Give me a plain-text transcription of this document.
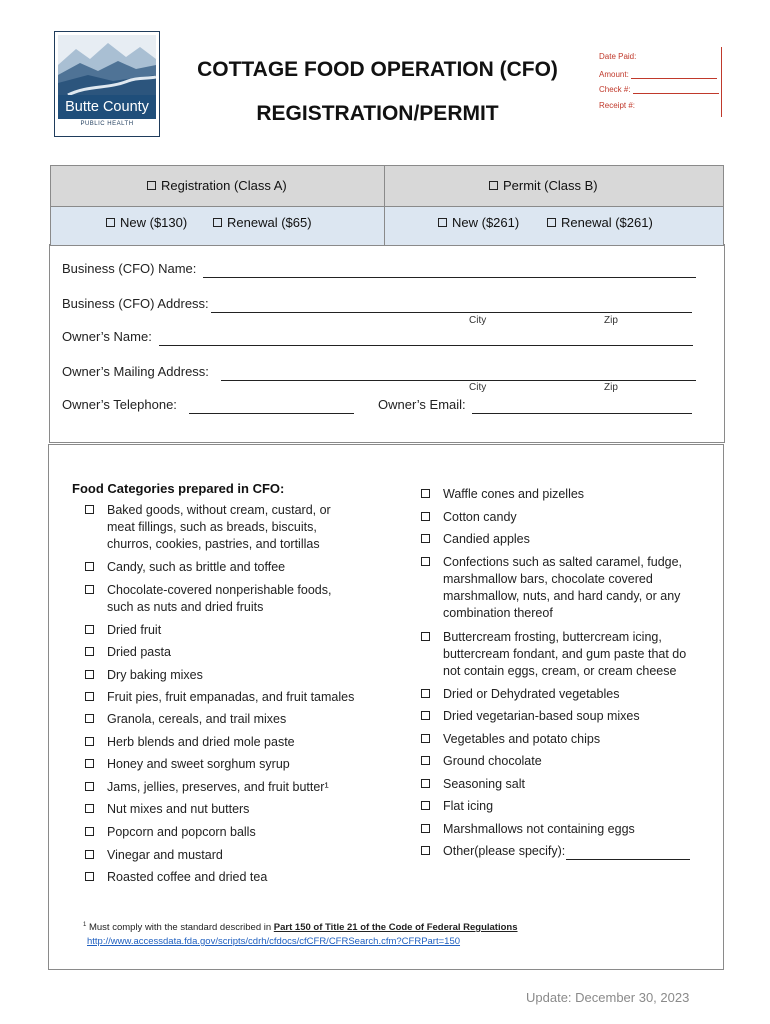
Butte County
PUBLIC HEALTH
COTTAGE FOOD OPERATION (CFO)
REGISTRATION/PERMIT
Date Paid:
Amount:
Check #:
Receipt #:
Registration (Class A)	Permit (Class B)
New ($130)	Renewal ($65)	New ($261)	Renewal ($261)
Business (CFO) Name:
Business (CFO) Address:
City	Zip
Owner’s Name:
Owner’s Mailing Address:
City	Zip
Owner’s Telephone:	Owner’s Email:
Food Categories prepared in CFO:
Baked goods, without cream, custard, or
meat fillings, such as breads, biscuits,
churros, cookies, pastries, and tortillas
Candy, such as brittle and toffee
Chocolate-covered nonperishable foods,
such as nuts and dried fruits
Dried fruit
Dried pasta
Dry baking mixes
Fruit pies, fruit empanadas, and fruit tamales
Granola, cereals, and trail mixes
Herb blends and dried mole paste
Honey and sweet sorghum syrup
Jams, jellies, preserves, and fruit butter¹
Nut mixes and nut butters
Popcorn and popcorn balls
Vinegar and mustard
Roasted coffee and dried tea
Waffle cones and pizelles
Cotton candy
Candied apples
Confections such as salted caramel, fudge,
marshmallow bars, chocolate covered
marshmallow, nuts, and hard candy, or any
combination thereof
Buttercream frosting, buttercream icing,
buttercream fondant, and gum paste that do
not contain eggs, cream, or cream cheese
Dried or Dehydrated vegetables
Dried vegetarian-based soup mixes
Vegetables and potato chips
Ground chocolate
Seasoning salt
Flat icing
Marshmallows not containing eggs
Other(please specify):
$^1$ Must comply with the standard described in Part 150 of Title 21 of the Code of Federal Regulations
http://www.accessdata.fda.gov/scripts/cdrh/cfdocs/cfCFR/CFRSearch.cfm?CFRPart=150
Update: December 30, 2023
